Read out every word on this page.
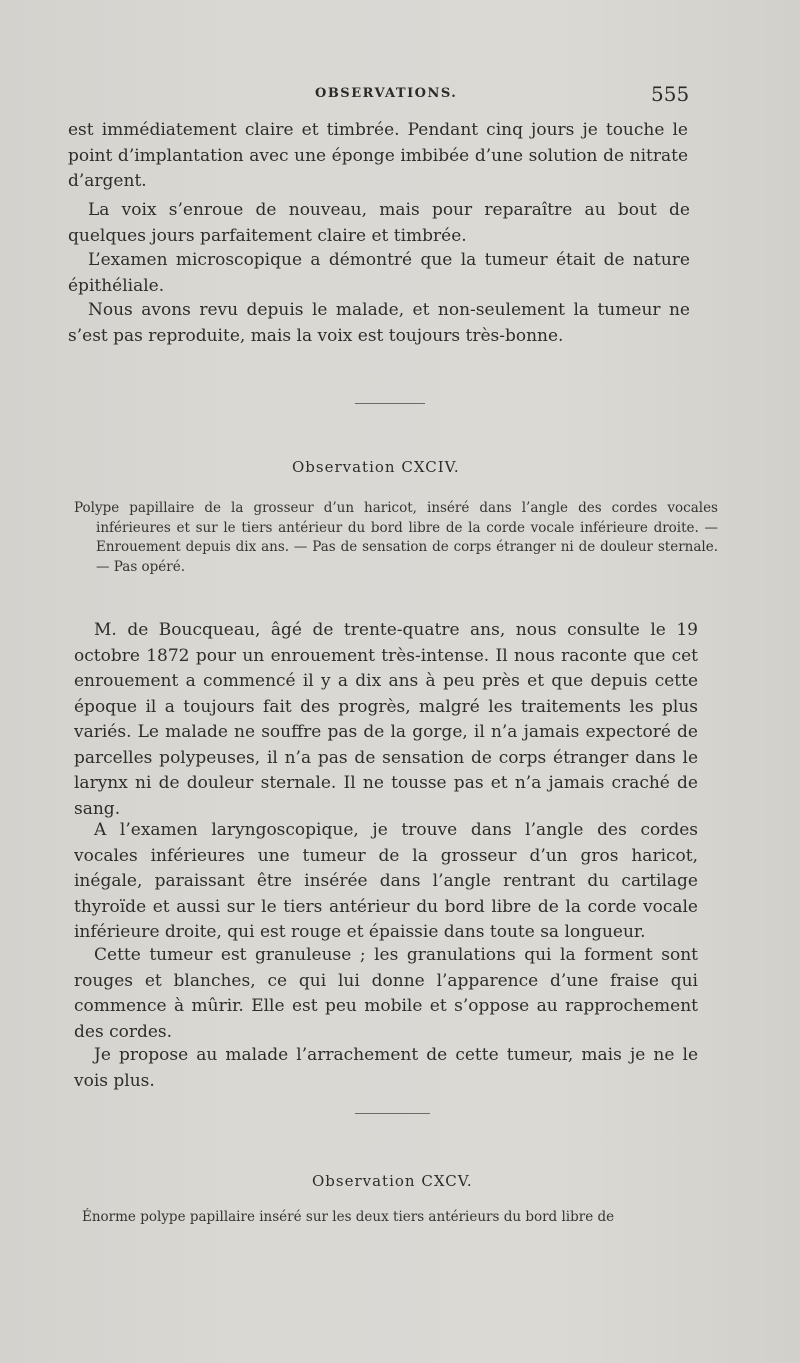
OBSERVATIONS.	555

est immédiatement claire et timbrée. Pendant cinq jours je touche le point d’implantation avec une éponge imbibée d’une solution de nitrate d’argent.

La voix s’enroue de nouveau, mais pour reparaître au bout de quelques jours parfaitement claire et timbrée.

L’examen microscopique a démontré que la tumeur était de nature épithéliale.

Nous avons revu depuis le malade, et non-seulement la tumeur ne s’est pas reproduite, mais la voix est toujours très-bonne.

Observation CXCIV.

Polype papillaire de la grosseur d’un haricot, inséré dans l’angle des cordes vocales inférieures et sur le tiers antérieur du bord libre de la corde vocale inférieure droite. — Enrouement depuis dix ans. — Pas de sensation de corps étranger ni de douleur sternale. — Pas opéré.

M. de Boucqueau, âgé de trente-quatre ans, nous consulte le 19 octobre 1872 pour un enrouement très-intense. Il nous raconte que cet enrouement a commencé il y a dix ans à peu près et que depuis cette époque il a toujours fait des progrès, malgré les traitements les plus variés. Le malade ne souffre pas de la gorge, il n’a jamais expectoré de parcelles polypeuses, il n’a pas de sensation de corps étranger dans le larynx ni de douleur sternale. Il ne tousse pas et n’a jamais craché de sang.

A l’examen laryngoscopique, je trouve dans l’angle des cordes vocales inférieures une tumeur de la grosseur d’un gros haricot, inégale, paraissant être insérée dans l’angle rentrant du cartilage thyroïde et aussi sur le tiers antérieur du bord libre de la corde vocale inférieure droite, qui est rouge et épaissie dans toute sa longueur.

Cette tumeur est granuleuse ; les granulations qui la forment sont rouges et blanches, ce qui lui donne l’apparence d’une fraise qui commence à mûrir. Elle est peu mobile et s’oppose au rapprochement des cordes.

Je propose au malade l’arrachement de cette tumeur, mais je ne le vois plus.

Observation CXCV.

Énorme polype papillaire inséré sur les deux tiers antérieurs du bord libre de
